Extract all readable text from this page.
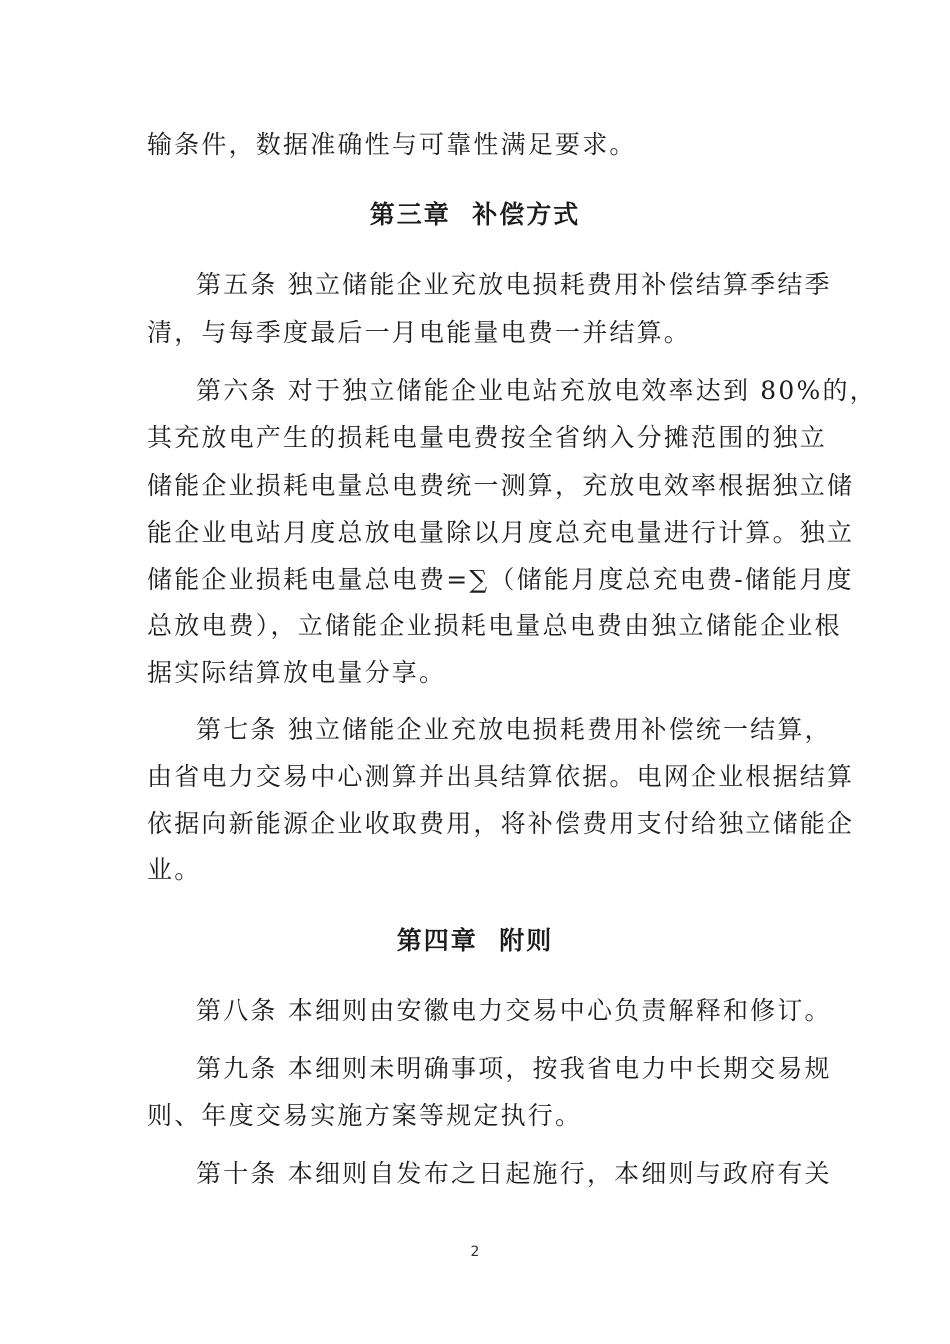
输条件，数据准确性与可靠性满足要求。
第三章  补偿方式
第五条 独立储能企业充放电损耗费用补偿结算季结季
清，与每季度最后一月电能量电费一并结算。
第六条 对于独立储能企业电站充放电效率达到 80%的，
其充放电产生的损耗电量电费按全省纳入分摊范围的独立
储能企业损耗电量总电费统一测算，充放电效率根据独立储
能企业电站月度总放电量除以月度总充电量进行计算。独立
储能企业损耗电量总电费=∑（储能月度总充电费-储能月度
总放电费），立储能企业损耗电量总电费由独立储能企业根
据实际结算放电量分享。
第七条 独立储能企业充放电损耗费用补偿统一结算，
由省电力交易中心测算并出具结算依据。电网企业根据结算
依据向新能源企业收取费用，将补偿费用支付给独立储能企
业。
第四章  附则
第八条 本细则由安徽电力交易中心负责解释和修订。
第九条 本细则未明确事项，按我省电力中长期交易规
则、年度交易实施方案等规定执行。
第十条 本细则自发布之日起施行，本细则与政府有关
2
